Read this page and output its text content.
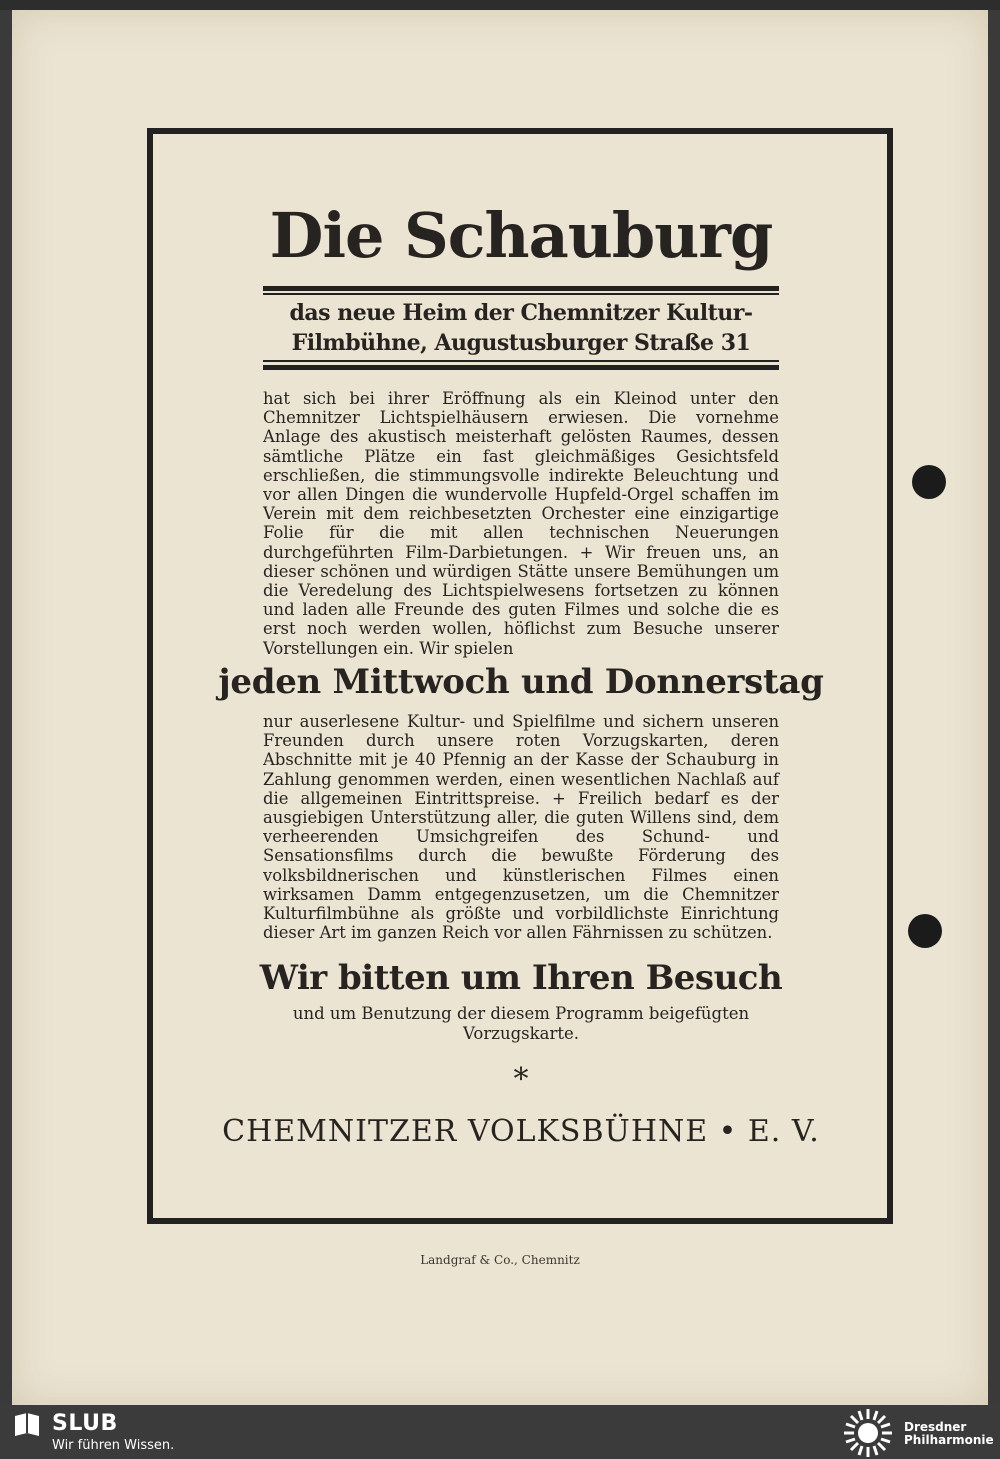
Landgraf & Co., Chemnitz
Die Schauburg
das neue Heim der Chemnitzer Kultur-
Filmbühne, Augustusburger Straße 31
hat sich bei ihrer Eröffnung als ein Kleinod unter den Chemnitzer Lichtspielhäusern erwiesen. Die vornehme Anlage des akustisch meisterhaft gelösten Raumes, dessen sämtliche Plätze ein fast gleichmäßiges Gesichtsfeld erschließen, die stimmungsvolle indirekte Beleuchtung und vor allen Dingen die wundervolle Hupfeld-Orgel schaffen im Verein mit dem reichbesetzten Orchester eine einzigartige Folie für die mit allen technischen Neuerungen durchgeführten Film-Darbietungen. + Wir freuen uns, an dieser schönen und würdigen Stätte unsere Bemühungen um die Veredelung des Lichtspielwesens fortsetzen zu können und laden alle Freunde des guten Filmes und solche die es erst noch werden wollen, höflichst zum Besuche unserer Vorstellungen ein. Wir spielen
jeden Mittwoch und Donnerstag
nur auserlesene Kultur- und Spielfilme und sichern unseren Freunden durch unsere roten Vorzugskarten, deren Abschnitte mit je 40 Pfennig an der Kasse der Schauburg in Zahlung genommen werden, einen wesentlichen Nachlaß auf die allgemeinen Eintrittspreise. + Freilich bedarf es der ausgiebigen Unterstützung aller, die guten Willens sind, dem verheerenden Umsichgreifen des Schund- und Sensationsfilms durch die bewußte Förderung des volksbildnerischen und künstlerischen Filmes einen wirksamen Damm entgegenzusetzen, um die Chemnitzer Kulturfilmbühne als größte und vorbildlichste Einrichtung dieser Art im ganzen Reich vor allen Fährnissen zu schützen.
Wir bitten um Ihren Besuch
und um Benutzung der diesem Programm beigefügten Vorzugskarte.
*
CHEMNITZER VOLKSBÜHNE • E. V.
SLUB
Wir führen Wissen.
Dresdner
Philharmonie
